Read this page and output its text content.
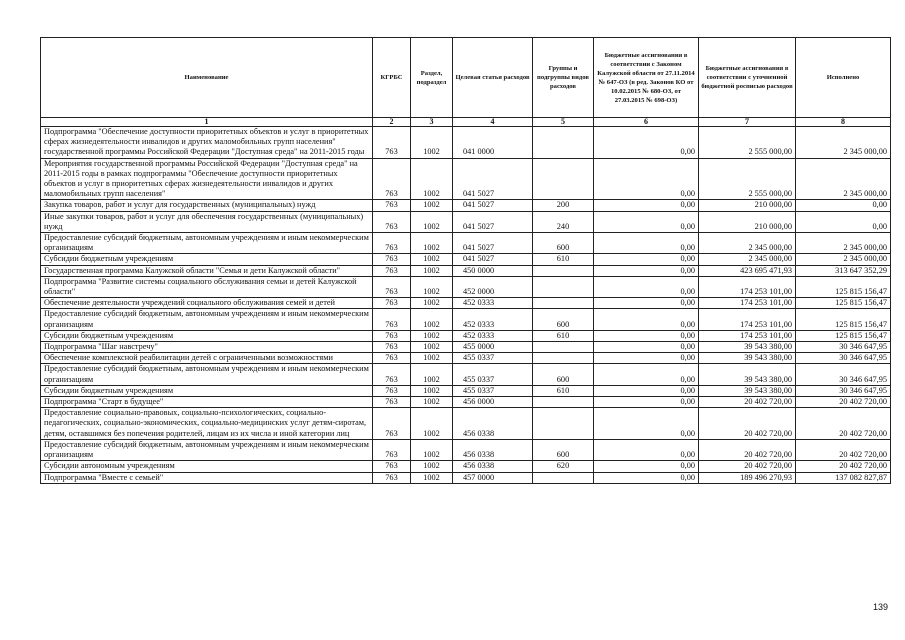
Наименование	КГРБС	Раздел, подраздел	Целевая статья расходов	Группы и подгруппы видов расходов	Бюджетные ассигнования в соответствии с Законом Калужской области от 27.11.2014 № 647-ОЗ (в ред. Законов КО от 10.02.2015 № 680-ОЗ, от 27.03.2015 № 698-ОЗ)	Бюджетные ассигнования в соответствии с уточненной бюджетной росписью расходов	Исполнено
1	2	3	4	5	6	7	8
Подпрограмма "Обеспечение доступности приоритетных объектов и услуг в приоритетных сферах жизнедеятельности инвалидов и других маломобильных групп населения" государственной программы Российской Федерации "Доступная среда" на 2011-2015 годы	763	1002	041 0000		0,00	2 555 000,00	2 345 000,00
Мероприятия государственной программы Российской Федерации "Доступная среда" на 2011-2015 годы в рамках подпрограммы "Обеспечение доступности приоритетных объектов и услуг в приоритетных сферах жизнедеятельности инвалидов и других маломобильных групп населения"	763	1002	041 5027		0,00	2 555 000,00	2 345 000,00
Закупка товаров, работ и услуг для государственных (муниципальных) нужд	763	1002	041 5027	200	0,00	210 000,00	0,00
Иные закупки товаров, работ и услуг для обеспечения государственных (муниципальных) нужд	763	1002	041 5027	240	0,00	210 000,00	0,00
Предоставление субсидий бюджетным, автономным учреждениям и иным некоммерческим организациям	763	1002	041 5027	600	0,00	2 345 000,00	2 345 000,00
Субсидии бюджетным учреждениям	763	1002	041 5027	610	0,00	2 345 000,00	2 345 000,00
Государственная программа Калужской области "Семья и дети Калужской области"	763	1002	450 0000		0,00	423 695 471,93	313 647 352,29
Подпрограмма "Развитие системы социального обслуживания семьи и детей Калужской области"	763	1002	452 0000		0,00	174 253 101,00	125 815 156,47
Обеспечение деятельности учреждений социального обслуживания семей и детей	763	1002	452 0333		0,00	174 253 101,00	125 815 156,47
Предоставление субсидий бюджетным, автономным учреждениям и иным некоммерческим организациям	763	1002	452 0333	600	0,00	174 253 101,00	125 815 156,47
Субсидии бюджетным учреждениям	763	1002	452 0333	610	0,00	174 253 101,00	125 815 156,47
Подпрограмма "Шаг навстречу"	763	1002	455 0000		0,00	39 543 380,00	30 346 647,95
Обеспечение комплексной реабилитации детей с ограниченными возможностями	763	1002	455 0337		0,00	39 543 380,00	30 346 647,95
Предоставление субсидий бюджетным, автономным учреждениям и иным некоммерческим организациям	763	1002	455 0337	600	0,00	39 543 380,00	30 346 647,95
Субсидии бюджетным учреждениям	763	1002	455 0337	610	0,00	39 543 380,00	30 346 647,95
Подпрограмма "Старт в будущее"	763	1002	456 0000		0,00	20 402 720,00	20 402 720,00
Предоставление социально-правовых, социально-психологических, социально-педагогических, социально-экономических, социально-медицинских услуг детям-сиротам, детям, оставшимся без попечения родителей, лицам из их числа и иной категории лиц	763	1002	456 0338		0,00	20 402 720,00	20 402 720,00
Предоставление субсидий бюджетным, автономным учреждениям и иным некоммерческим организациям	763	1002	456 0338	600	0,00	20 402 720,00	20 402 720,00
Субсидии автономным учреждениям	763	1002	456 0338	620	0,00	20 402 720,00	20 402 720,00
Подпрограмма "Вместе с семьей"	763	1002	457 0000		0,00	189 496 270,93	137 082 827,87
139
